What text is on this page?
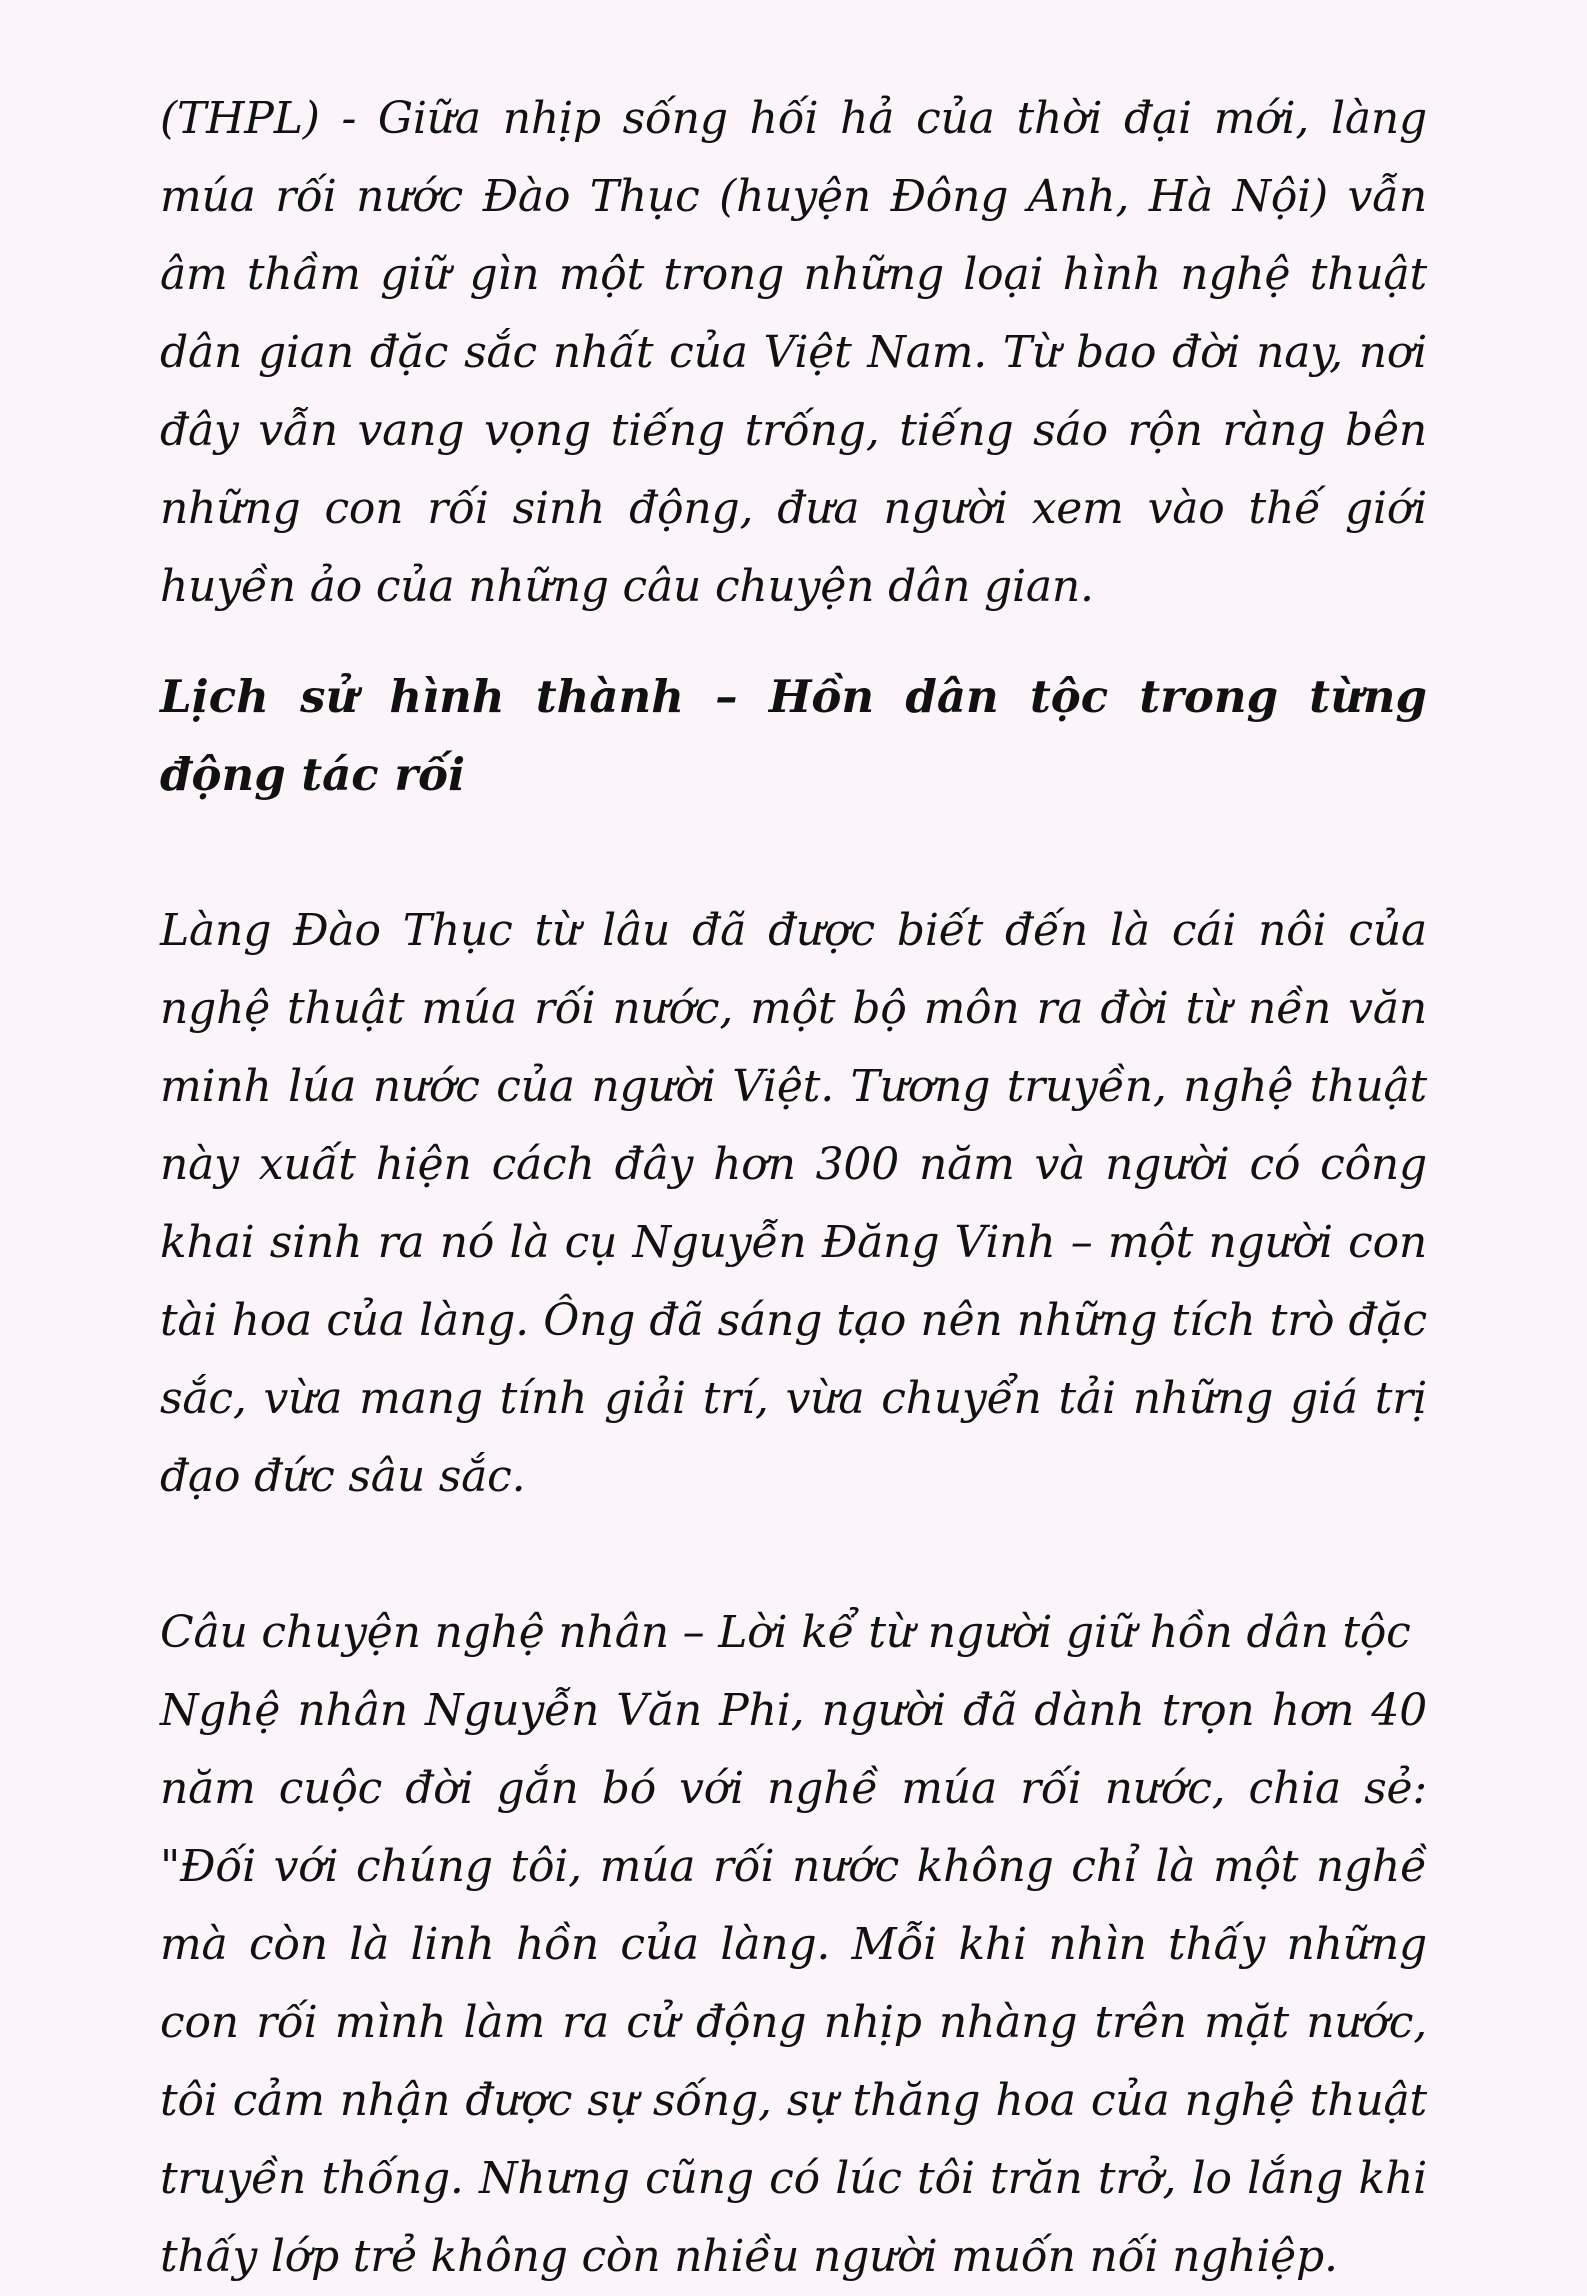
(THPL) - Giữa nhịp sống hối hả của thời đại mới, làng múa rối nước Đào Thục (huyện Đông Anh, Hà Nội) vẫn âm thầm giữ gìn một trong những loại hình nghệ thuật dân gian đặc sắc nhất của Việt Nam. Từ bao đời nay, nơi đây vẫn vang vọng tiếng trống, tiếng sáo rộn ràng bên những con rối sinh động, đưa người xem vào thế giới huyền ảo của những câu chuyện dân gian.

Lịch sử hình thành – Hồn dân tộc trong từng động tác rối

Làng Đào Thục từ lâu đã được biết đến là cái nôi của nghệ thuật múa rối nước, một bộ môn ra đời từ nền văn minh lúa nước của người Việt. Tương truyền, nghệ thuật này xuất hiện cách đây hơn 300 năm và người có công khai sinh ra nó là cụ Nguyễn Đăng Vinh – một người con tài hoa của làng. Ông đã sáng tạo nên những tích trò đặc sắc, vừa mang tính giải trí, vừa chuyển tải những giá trị đạo đức sâu sắc.

Câu chuyện nghệ nhân – Lời kể từ người giữ hồn dân tộc
Nghệ nhân Nguyễn Văn Phi, người đã dành trọn hơn 40 năm cuộc đời gắn bó với nghề múa rối nước, chia sẻ: "Đối với chúng tôi, múa rối nước không chỉ là một nghề mà còn là linh hồn của làng. Mỗi khi nhìn thấy những con rối mình làm ra cử động nhịp nhàng trên mặt nước, tôi cảm nhận được sự sống, sự thăng hoa của nghệ thuật truyền thống. Nhưng cũng có lúc tôi trăn trở, lo lắng khi thấy lớp trẻ không còn nhiều người muốn nối nghiệp.
